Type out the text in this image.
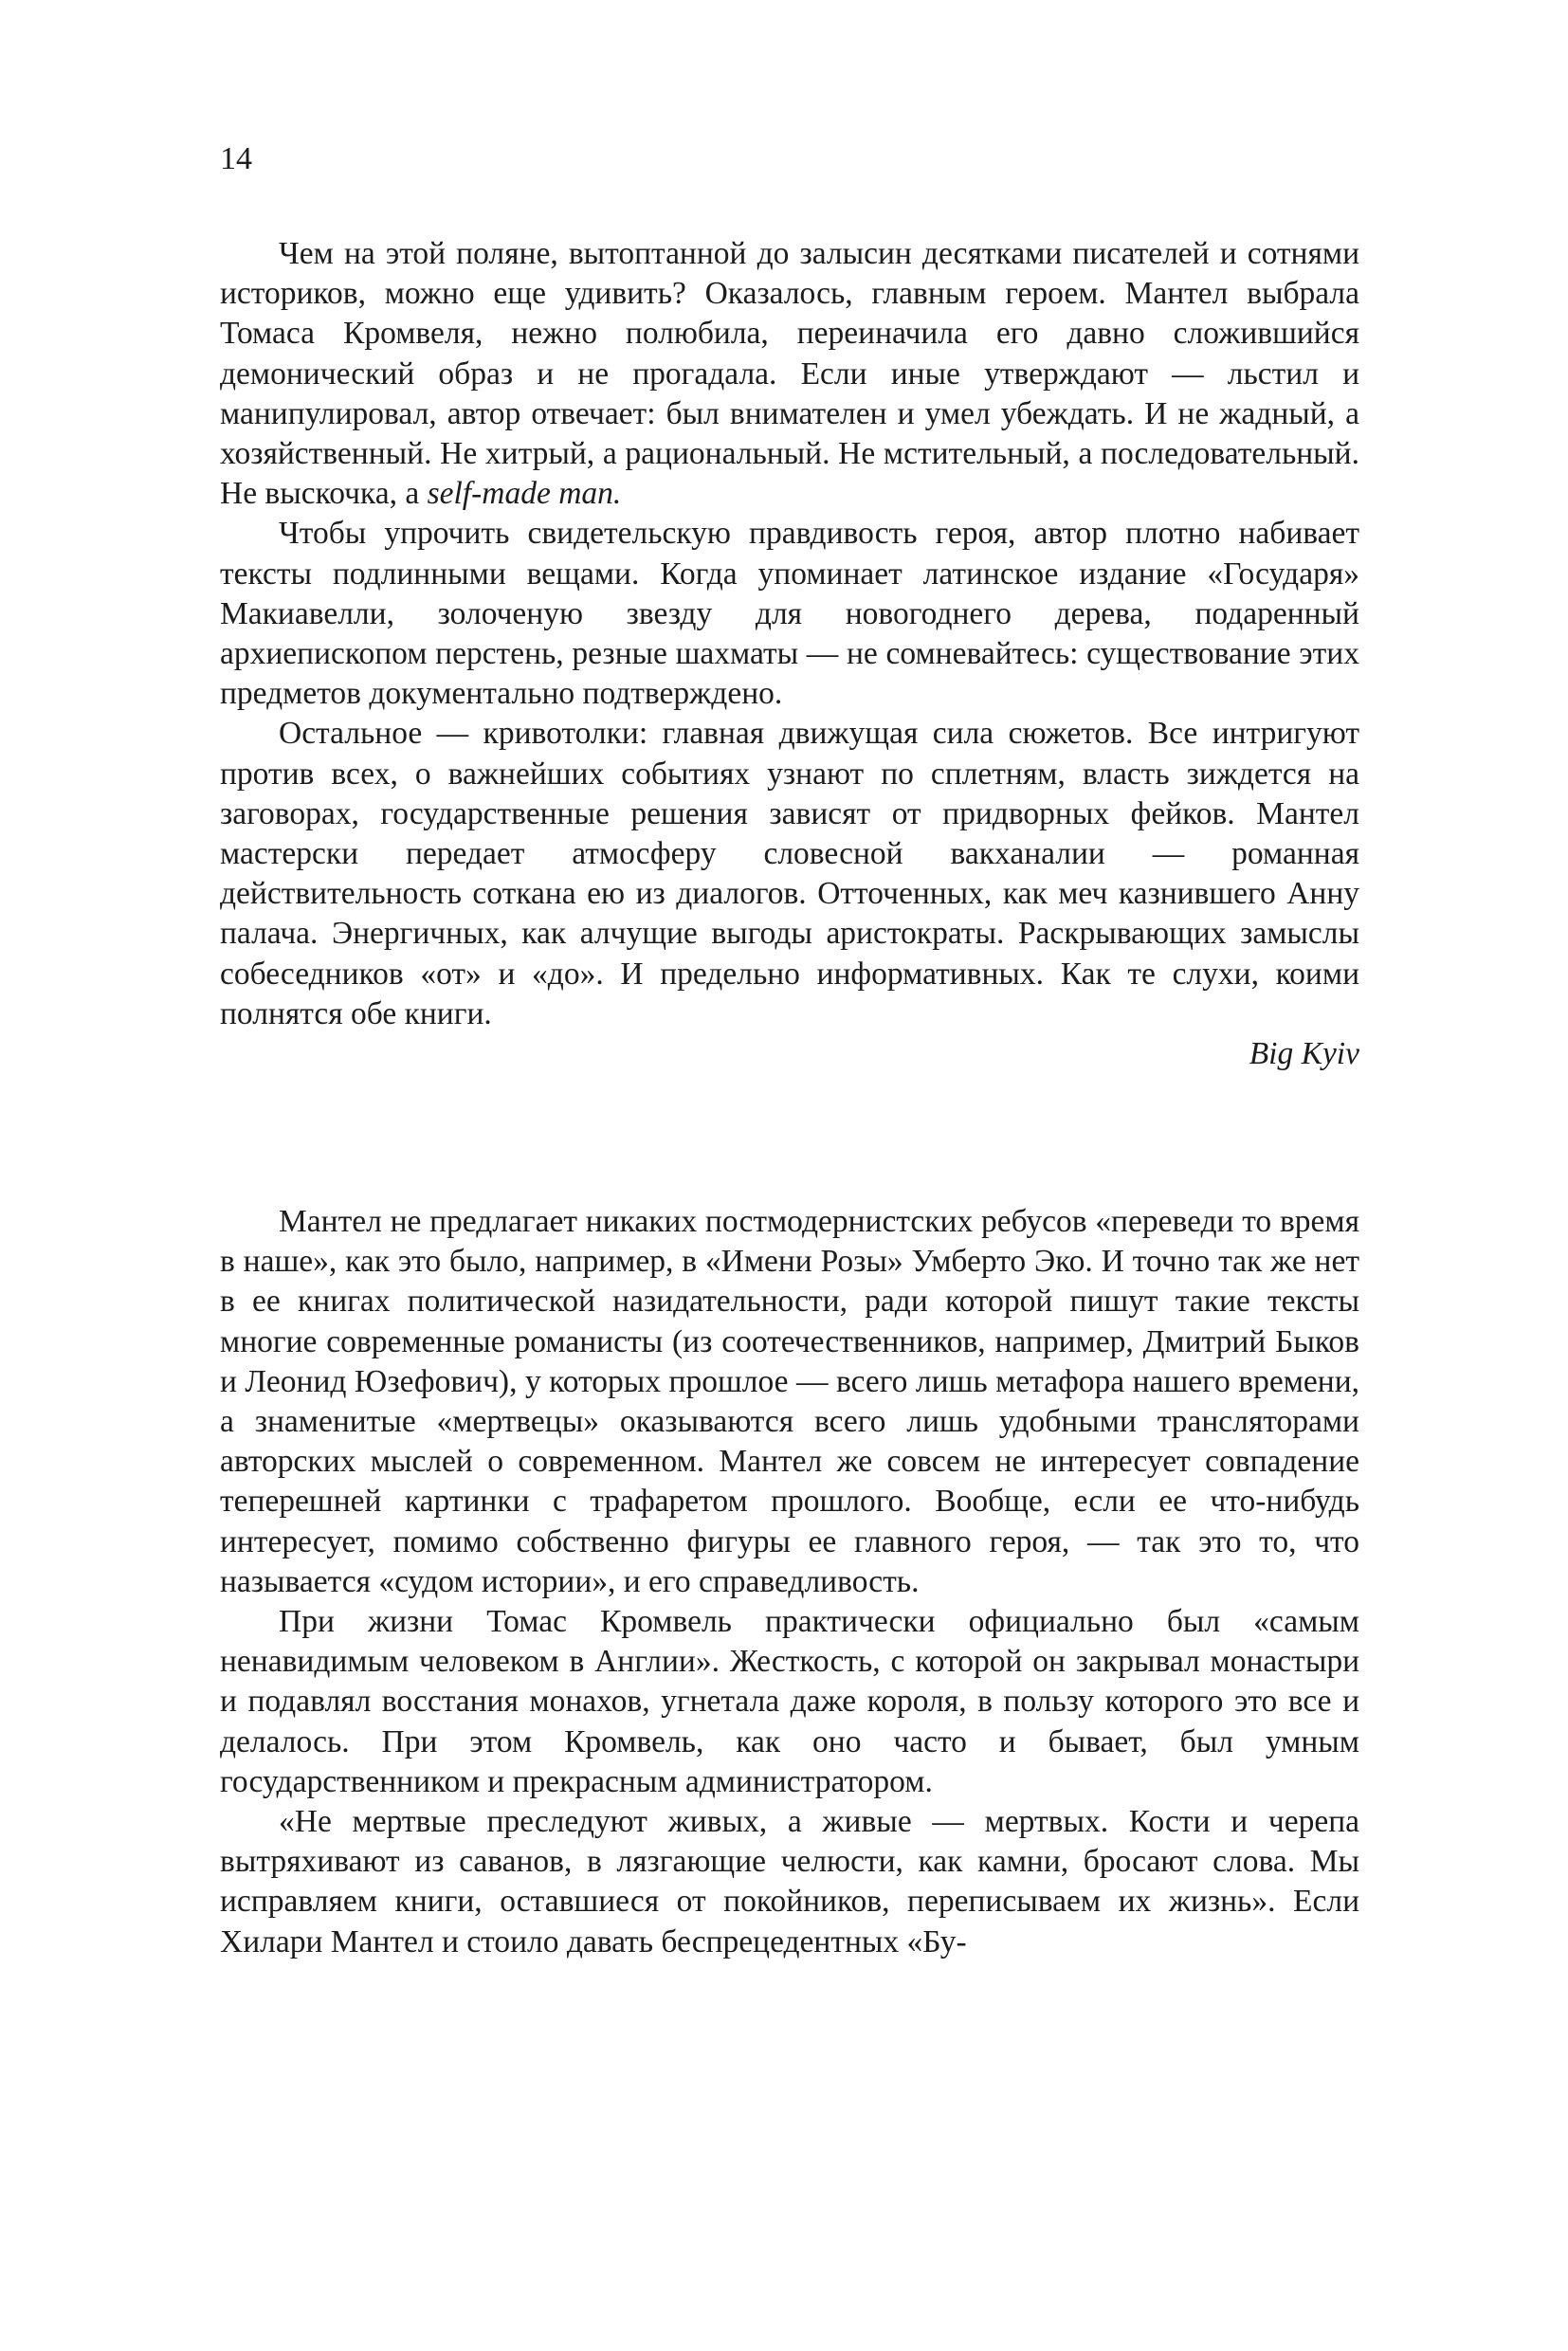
14

Чем на этой поляне, вытоптанной до залысин десятками писателей и сотнями историков, можно еще удивить? Оказалось, главным героем. Мантел выбрала Томаса Кромвеля, нежно полюбила, переиначила его давно сложившийся демонический образ и не прогадала. Если иные утверждают — льстил и манипулировал, автор отвечает: был внимателен и умел убеждать. И не жадный, а хозяйственный. Не хитрый, а рациональный. Не мстительный, а последовательный. Не выскочка, а self-made man.

Чтобы упрочить свидетельскую правдивость героя, автор плотно набивает тексты подлинными вещами. Когда упоминает латинское издание «Государя» Макиавелли, золоченую звезду для новогоднего дерева, подаренный архиепископом перстень, резные шахматы — не сомневайтесь: существование этих предметов документально подтверждено.

Остальное — кривотолки: главная движущая сила сюжетов. Все интригуют против всех, о важнейших событиях узнают по сплетням, власть зиждется на заговорах, государственные решения зависят от придворных фейков. Мантел мастерски передает атмосферу словесной вакханалии — романная действительность соткана ею из диалогов. Отточенных, как меч казнившего Анну палача. Энергичных, как алчущие выгоды аристократы. Раскрывающих замыслы собеседников «от» и «до». И предельно информативных. Как те слухи, коими полнятся обе книги.

Big Kyiv

Мантел не предлагает никаких постмодернистских ребусов «переведи то время в наше», как это было, например, в «Имени Розы» Умберто Эко. И точно так же нет в ее книгах политической назидательности, ради которой пишут такие тексты многие современные романисты (из соотечественников, например, Дмитрий Быков и Леонид Юзефович), у которых прошлое — всего лишь метафора нашего времени, а знаменитые «мертвецы» оказываются всего лишь удобными трансляторами авторских мыслей о современном. Мантел же совсем не интересует совпадение теперешней картинки с трафаретом прошлого. Вообще, если ее что-нибудь интересует, помимо собственно фигуры ее главного героя, — так это то, что называется «судом истории», и его справедливость.

При жизни Томас Кромвель практически официально был «самым ненавидимым человеком в Англии». Жесткость, с которой он закрывал монастыри и подавлял восстания монахов, угнетала даже короля, в пользу которого это все и делалось. При этом Кромвель, как оно часто и бывает, был умным государственником и прекрасным администратором.

«Не мертвые преследуют живых, а живые — мертвых. Кости и черепа вытряхивают из саванов, в лязгающие челюсти, как камни, бросают слова. Мы исправляем книги, оставшиеся от покойников, переписываем их жизнь». Если Хилари Мантел и стоило давать беспрецедентных «Бу-
